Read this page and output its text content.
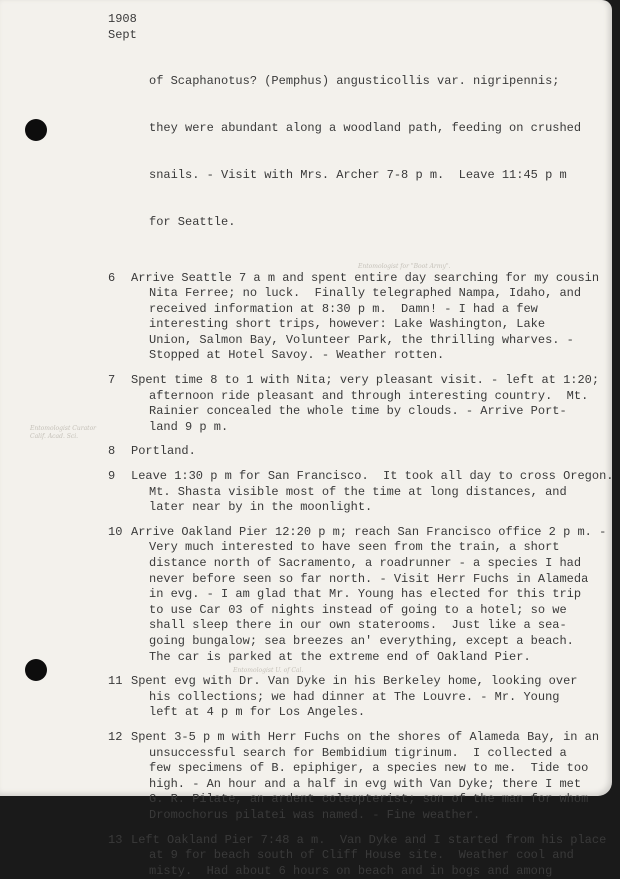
1908
Sept

of Scaphanotus? (Pemphus) angusticollis var. nigripennis;

they were abundant along a woodland path, feeding on crushed

snails. - Visit with Mrs. Archer 7-8 p m.  Leave 11:45 p m

for Seattle.

Entomologist for "Boot Army".
6	Arrive Seattle 7 a m and spent entire day searching for my cousin
Nita Ferree; no luck.  Finally telegraphed Nampa, Idaho, and
received information at 8:30 p m.  Damn! - I had a few
interesting short trips, however: Lake Washington, Lake
Union, Salmon Bay, Volunteer Park, the thrilling wharves. -
Stopped at Hotel Savoy. - Weather rotten.
7	Spent time 8 to 1 with Nita; very pleasant visit. - left at 1:20;
afternoon ride pleasant and through interesting country.  Mt.
Rainier concealed the whole time by clouds. - Arrive Port-
land 9 p m.
8	Portland.
9	Leave 1:30 p m for San Francisco.  It took all day to cross Oregon.
Mt. Shasta visible most of the time at long distances, and
later near by in the moonlight.
10 Arrive Oakland Pier 12:20 p m; reach San Francisco office 2 p m. -
Very much interested to have seen from the train, a short
distance north of Sacramento, a roadrunner - a species I had
never before seen so far north. - Visit Herr Fuchs in Alameda
in evg. - I am glad that Mr. Young has elected for this trip
to use Car 03 of nights instead of going to a hotel; so we
shall sleep there in our own staterooms.  Just like a sea-
going bungalow; sea breezes an' everything, except a beach.
The car is parked at the extreme end of Oakland Pier.
Entomologist U. of Cal.
11 Spent evg with Dr. Van Dyke in his Berkeley home, looking over
his collections; we had dinner at The Louvre. - Mr. Young
left at 4 p m for Los Angeles.
12 Spent 3-5 p m with Herr Fuchs on the shores of Alameda Bay, in an
unsuccessful search for Bembidium tigrinum.  I collected a
few specimens of B. epiphiger, a species new to me.  Tide too
high. - An hour and a half in evg with Van Dyke; there I met
G. R. Pilate, an ardent coleopterist; son of the man for whom
Dromochorus pilatei was named. - Fine weather.
13 Left Oakland Pier 7:48 a m.  Van Dyke and I started from his place
at 9 for beach south of Cliff House site.  Weather cool and
misty.  Had about 6 hours on beach and in bogs and among
Entomologist Curator Calif. Acad. Sci.
